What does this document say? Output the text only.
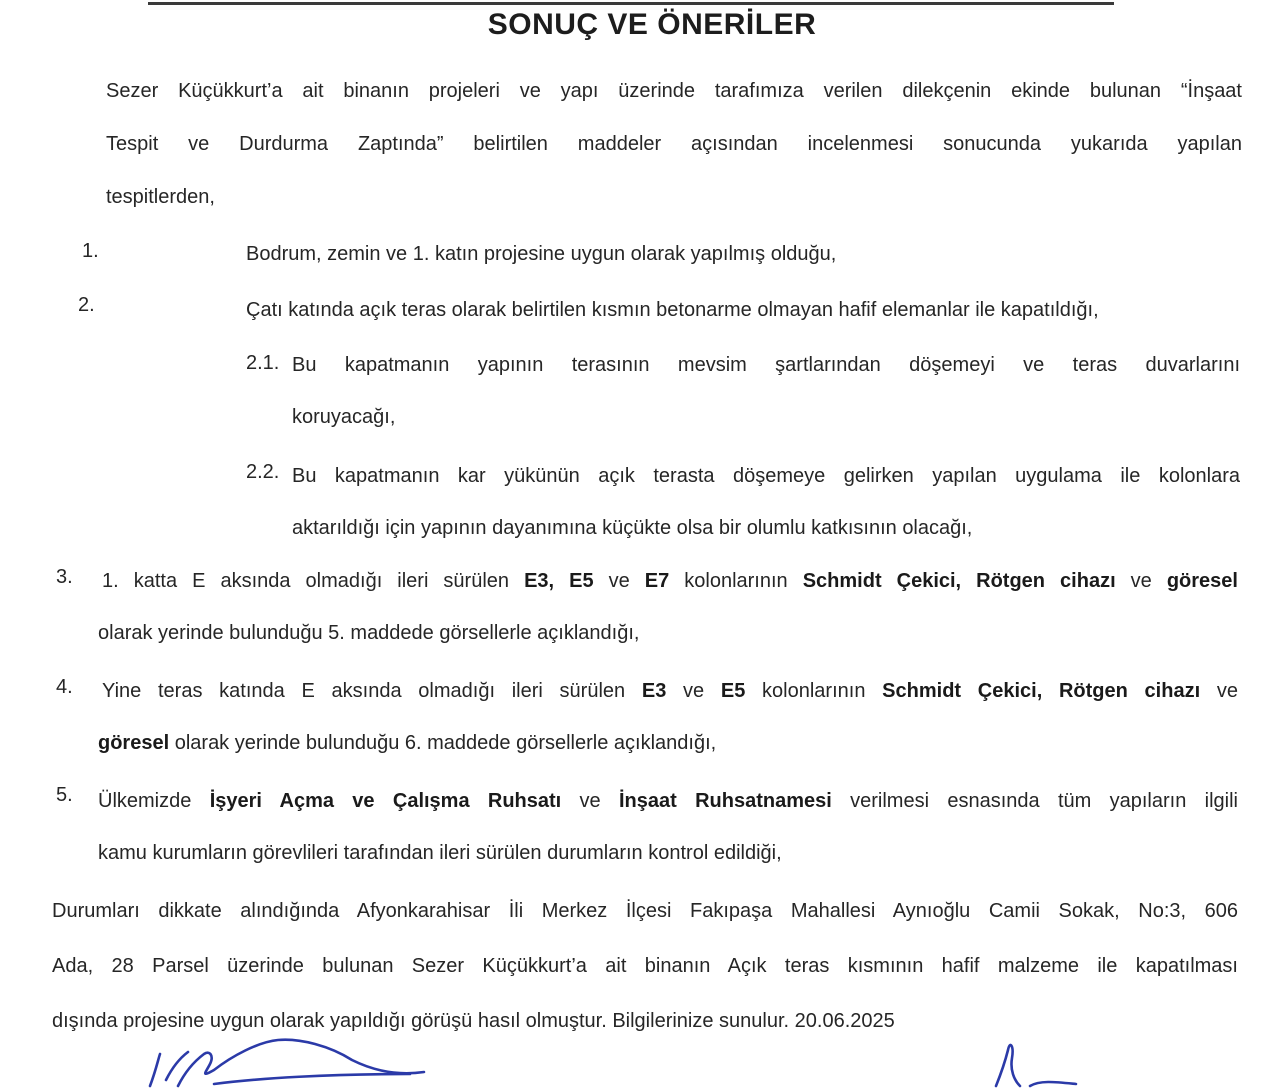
SONUÇ VE ÖNERİLER
Sezer Küçükkurt’a ait binanın projeleri ve yapı üzerinde tarafımıza verilen dilekçenin ekinde bulunan “İnşaat
Tespit ve Durdurma Zaptında” belirtilen maddeler açısından incelenmesi sonucunda yukarıda yapılan
tespitlerden,
1.	Bodrum, zemin ve 1. katın projesine uygun olarak yapılmış olduğu,
2.	Çatı katında açık teras olarak belirtilen kısmın betonarme olmayan hafif elemanlar ile kapatıldığı,
2.1. Bu kapatmanın yapının terasının mevsim şartlarından döşemeyi ve teras duvarlarını
koruyacağı,
2.2. Bu kapatmanın kar yükünün açık terasta döşemeye gelirken yapılan uygulama ile kolonlara
aktarıldığı için yapının dayanımına küçükte olsa bir olumlu katkısının olacağı,
3. 1. katta E aksında olmadığı ileri sürülen E3, E5 ve E7 kolonlarının Schmidt Çekici, Rötgen cihazı ve göresel
olarak yerinde bulunduğu 5. maddede görsellerle açıklandığı,
4. Yine teras katında E aksında olmadığı ileri sürülen E3 ve E5 kolonlarının Schmidt Çekici, Rötgen cihazı ve
göresel olarak yerinde bulunduğu 6. maddede görsellerle açıklandığı,
5. Ülkemizde İşyeri Açma ve Çalışma Ruhsatı ve İnşaat Ruhsatnamesi verilmesi esnasında tüm yapıların ilgili
kamu kurumların görevlileri tarafından ileri sürülen durumların kontrol edildiği,
Durumları dikkate alındığında Afyonkarahisar İli Merkez İlçesi Fakıpaşa Mahallesi Aynıoğlu Camii Sokak, No:3, 606
Ada, 28 Parsel üzerinde bulunan Sezer Küçükkurt’a ait binanın Açık teras kısmının hafif malzeme ile kapatılması
dışında projesine uygun olarak yapıldığı görüşü hasıl olmuştur. Bilgilerinize sunulur. 20.06.2025
